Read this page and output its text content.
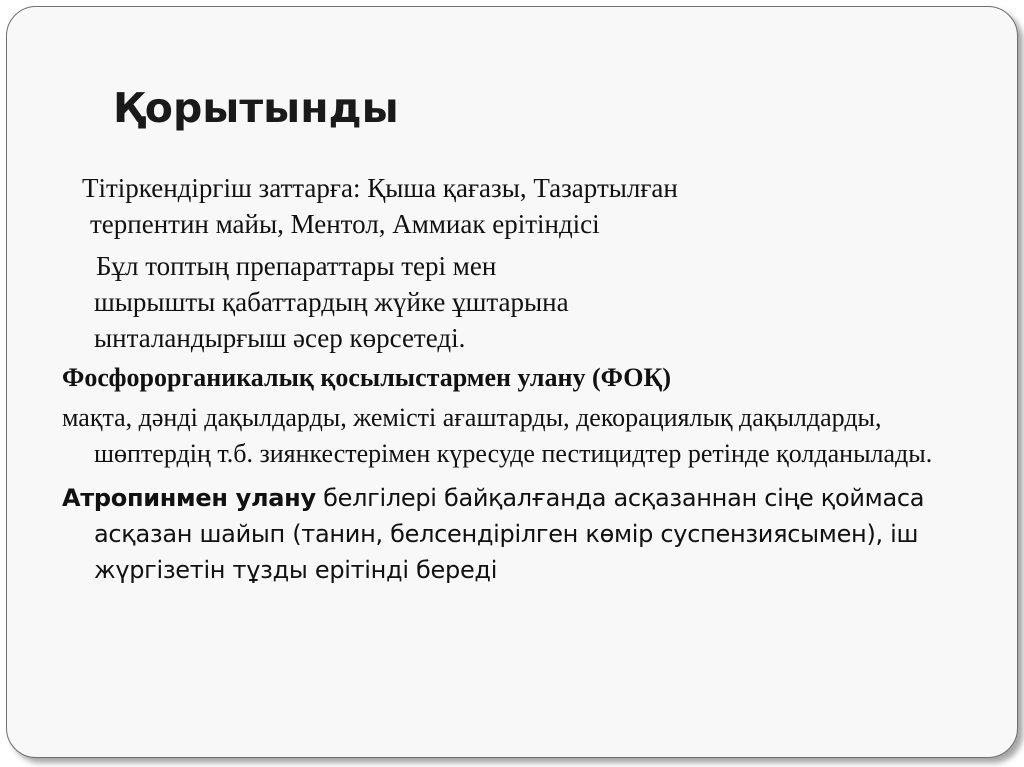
Қорытынды

Тітіркендіргіш заттарға: Қыша қағазы, Тазартылған
терпентин майы, Ментол, Аммиак ерітіндісі

Бұл топтың препараттары тері мен
шырышты қабаттардың жүйке ұштарына
ынталандырғыш әсер көрсетеді.

Фосфорорганикалық қосылыстармен улану (ФОҚ)

мақта, дәнді дақылдарды, жемісті ағаштарды, декорациялық дақылдарды, шөптердің т.б. зиянкестерімен күресуде пестицидтер ретінде қолданылады.

Атропинмен улану белгілері байқалғанда асқазаннан сіңе қоймаса асқазан шайып (танин, белсендірілген көмір суспензиясымен), іш жүргізетін тұзды ерітінді береді
